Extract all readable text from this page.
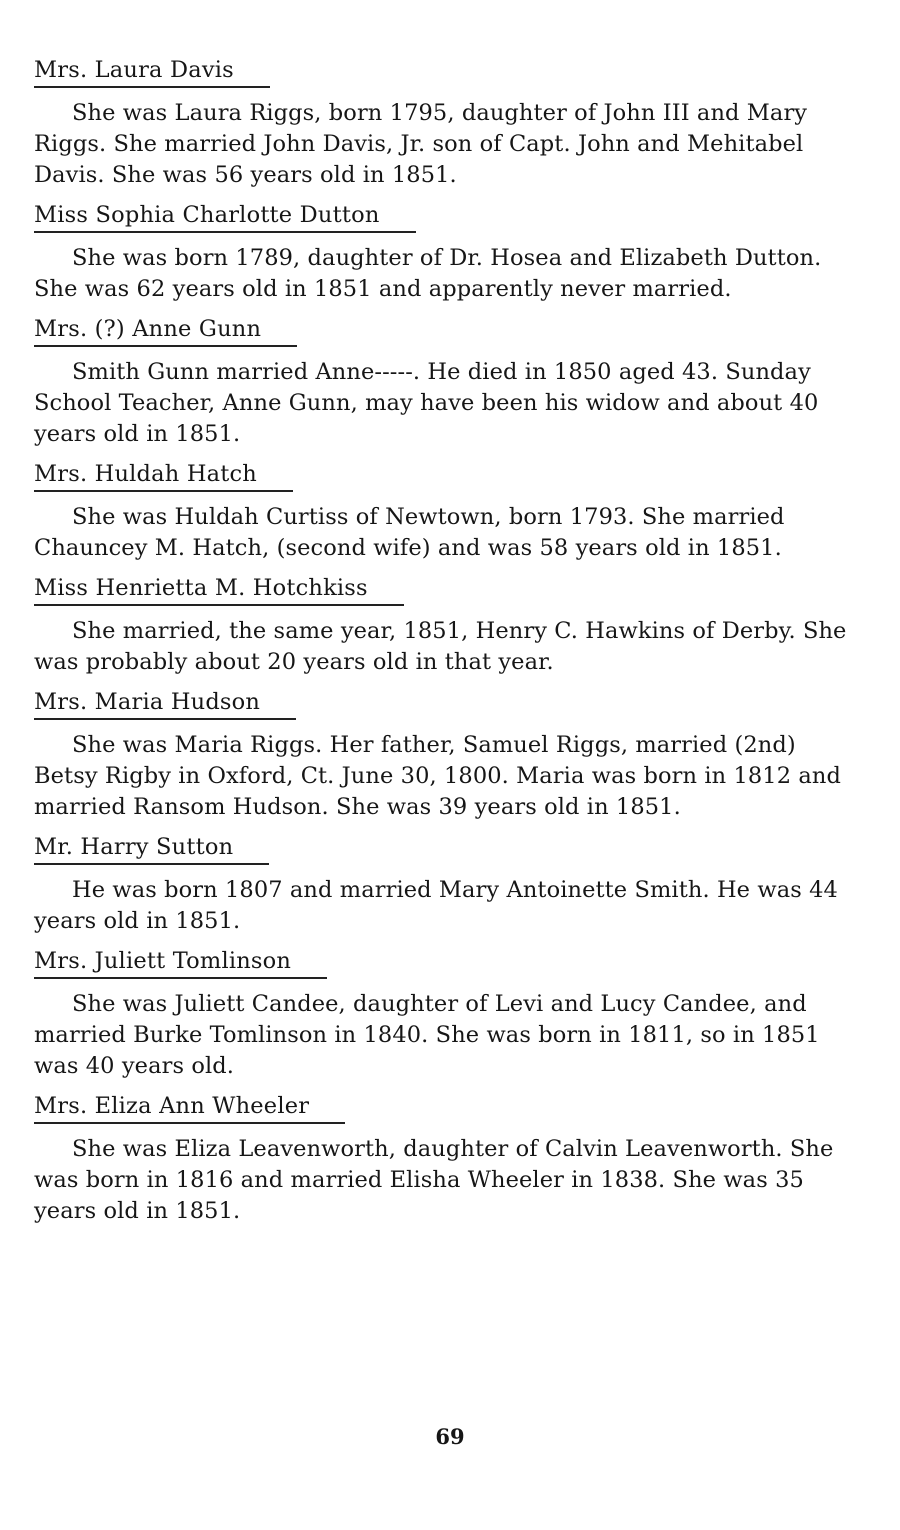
Mrs. Laura Davis

She was Laura Riggs, born 1795, daughter of John III and Mary Riggs. She married John Davis, Jr. son of Capt. John and Mehitabel Davis. She was 56 years old in 1851.

Miss Sophia Charlotte Dutton

She was born 1789, daughter of Dr. Hosea and Elizabeth Dutton. She was 62 years old in 1851 and apparently never married.

Mrs. (?) Anne Gunn

Smith Gunn married Anne-----. He died in 1850 aged 43. Sunday School Teacher, Anne Gunn, may have been his widow and about 40 years old in 1851.

Mrs. Huldah Hatch

She was Huldah Curtiss of Newtown, born 1793. She married Chauncey M. Hatch, (second wife) and was 58 years old in 1851.

Miss Henrietta M. Hotchkiss

She married, the same year, 1851, Henry C. Hawkins of Derby. She was probably about 20 years old in that year.

Mrs. Maria Hudson

She was Maria Riggs. Her father, Samuel Riggs, married (2nd) Betsy Rigby in Oxford, Ct. June 30, 1800. Maria was born in 1812 and married Ransom Hudson. She was 39 years old in 1851.

Mr. Harry Sutton

He was born 1807 and married Mary Antoinette Smith. He was 44 years old in 1851.

Mrs. Juliett Tomlinson

She was Juliett Candee, daughter of Levi and Lucy Candee, and married Burke Tomlinson in 1840. She was born in 1811, so in 1851 was 40 years old.

Mrs. Eliza Ann Wheeler

She was Eliza Leavenworth, daughter of Calvin Leavenworth. She was born in 1816 and married Elisha Wheeler in 1838. She was 35 years old in 1851.

69
